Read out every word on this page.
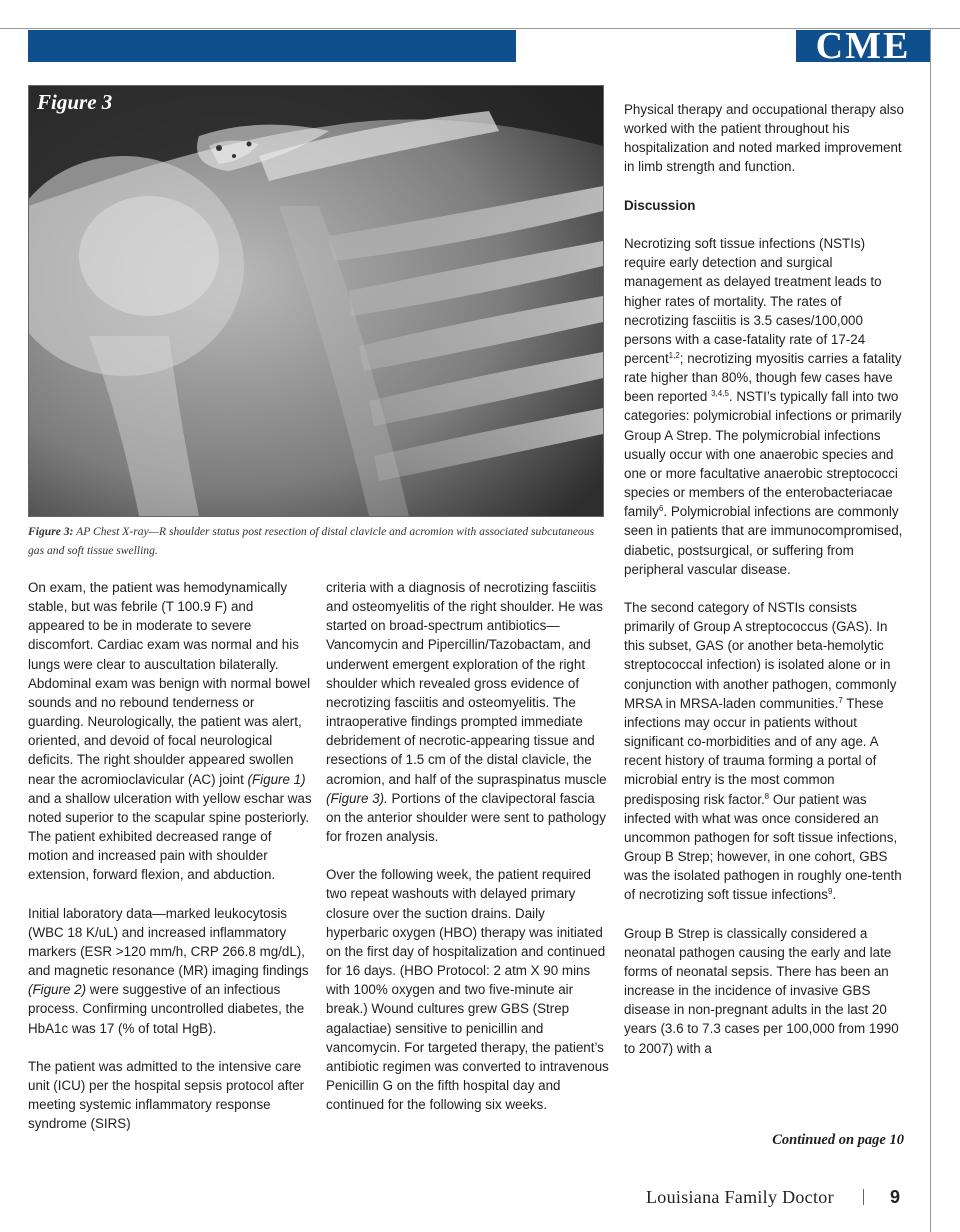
CME
Figure 3
Figure 3: AP Chest X-ray—R shoulder status post resection of distal clavicle and acromion with associated subcutaneous gas and soft tissue swelling.

On exam, the patient was hemodynamically stable, but was febrile (T 100.9 F) and appeared to be in moderate to severe discomfort. Cardiac exam was normal and his lungs were clear to auscultation bilaterally. Abdominal exam was benign with normal bowel sounds and no rebound tenderness or guarding. Neurologically, the patient was alert, oriented, and devoid of focal neurological deficits. The right shoulder appeared swollen near the acromioclavicular (AC) joint (Figure 1) and a shallow ulceration with yellow eschar was noted superior to the scapular spine posteriorly. The patient exhibited decreased range of motion and increased pain with shoulder extension, forward flexion, and abduction.

Initial laboratory data—marked leukocytosis (WBC 18 K/uL) and increased inflammatory markers (ESR >120 mm/h, CRP 266.8 mg/dL), and magnetic resonance (MR) imaging findings (Figure 2) were suggestive of an infectious process. Confirming uncontrolled diabetes, the HbA1c was 17 (% of total HgB).

The patient was admitted to the intensive care unit (ICU) per the hospital sepsis protocol after meeting systemic inflammatory response syndrome (SIRS)

criteria with a diagnosis of necrotizing fasciitis and osteomyelitis of the right shoulder. He was started on broad-spectrum antibiotics—Vancomycin and Pipercillin/Tazobactam, and underwent emergent exploration of the right shoulder which revealed gross evidence of necrotizing fasciitis and osteomyelitis. The intraoperative findings prompted immediate debridement of necrotic-appearing tissue and resections of 1.5 cm of the distal clavicle, the acromion, and half of the supraspinatus muscle (Figure 3). Portions of the clavipectoral fascia on the anterior shoulder were sent to pathology for frozen analysis.

Over the following week, the patient required two repeat washouts with delayed primary closure over the suction drains. Daily hyperbaric oxygen (HBO) therapy was initiated on the first day of hospitalization and continued for 16 days. (HBO Protocol: 2 atm X 90 mins with 100% oxygen and two five-minute air break.) Wound cultures grew GBS (Strep agalactiae) sensitive to penicillin and vancomycin. For targeted therapy, the patient’s antibiotic regimen was converted to intravenous Penicillin G on the fifth hospital day and continued for the following six weeks.

Physical therapy and occupational therapy also worked with the patient throughout his hospitalization and noted marked improvement in limb strength and function.

Discussion

Necrotizing soft tissue infections (NSTIs) require early detection and surgical management as delayed treatment leads to higher rates of mortality. The rates of necrotizing fasciitis is 3.5 cases/100,000 persons with a case-fatality rate of 17-24 percent$^{1,2}$; necrotizing myositis carries a fatality rate higher than 80%, though few cases have been reported $^{3,4,5}$. NSTI’s typically fall into two categories: polymicrobial infections or primarily Group A Strep. The polymicrobial infections usually occur with one anaerobic species and one or more facultative anaerobic streptococci species or members of the enterobacteriacae family$^6$. Polymicrobial infections are commonly seen in patients that are immunocompromised, diabetic, postsurgical, or suffering from peripheral vascular disease.

The second category of NSTIs consists primarily of Group A streptococcus (GAS). In this subset, GAS (or another beta-hemolytic streptococcal infection) is isolated alone or in conjunction with another pathogen, commonly MRSA in MRSA-laden communities.$^7$ These infections may occur in patients without significant co-morbidities and of any age. A recent history of trauma forming a portal of microbial entry is the most common predisposing risk factor.$^8$ Our patient was infected with what was once considered an uncommon pathogen for soft tissue infections, Group B Strep; however, in one cohort, GBS was the isolated pathogen in roughly one-tenth of necrotizing soft tissue infections$^9$.

Group B Strep is classically considered a neonatal pathogen causing the early and late forms of neonatal sepsis. There has been an increase in the incidence of invasive GBS disease in non-pregnant adults in the last 20 years (3.6 to 7.3 cases per 100,000 from 1990 to 2007) with a

Continued on page 10
Louisiana Family Doctor	9
